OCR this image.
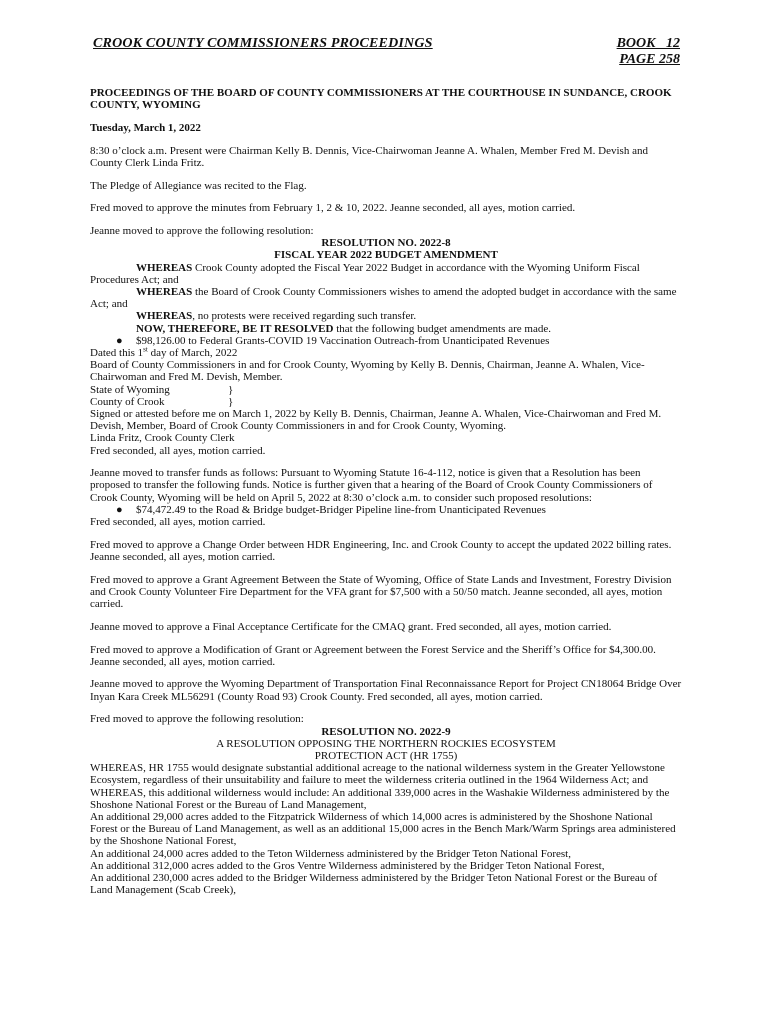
CROOK COUNTY COMMISSIONERS PROCEEDINGS	BOOK   12
PAGE 258

PROCEEDINGS OF THE BOARD OF COUNTY COMMISSIONERS AT THE COURTHOUSE IN SUNDANCE, CROOK COUNTY, WYOMING

Tuesday, March 1, 2022

8:30 o’clock a.m. Present were Chairman Kelly B. Dennis, Vice-Chairwoman Jeanne A. Whalen, Member Fred M. Devish and County Clerk Linda Fritz.

The Pledge of Allegiance was recited to the Flag.

Fred moved to approve the minutes from February 1, 2 & 10, 2022. Jeanne seconded, all ayes, motion carried.

Jeanne moved to approve the following resolution:
RESOLUTION NO. 2022-8
FISCAL YEAR 2022 BUDGET AMENDMENT
WHEREAS Crook County adopted the Fiscal Year 2022 Budget in accordance with the Wyoming Uniform Fiscal Procedures Act; and
WHEREAS the Board of Crook County Commissioners wishes to amend the adopted budget in accordance with the same Act; and
WHEREAS, no protests were received regarding such transfer.
NOW, THEREFORE, BE IT RESOLVED that the following budget amendments are made.
● $98,126.00 to Federal Grants-COVID 19 Vaccination Outreach-from Unanticipated Revenues
Dated this 1st day of March, 2022
Board of County Commissioners in and for Crook County, Wyoming by Kelly B. Dennis, Chairman, Jeanne A. Whalen, Vice-Chairwoman and Fred M. Devish, Member.
State of Wyoming	}
County of Crook	}
Signed or attested before me on March 1, 2022 by Kelly B. Dennis, Chairman, Jeanne A. Whalen, Vice-Chairwoman and Fred M. Devish, Member, Board of Crook County Commissioners in and for Crook County, Wyoming.
Linda Fritz, Crook County Clerk
Fred seconded, all ayes, motion carried.
Jeanne moved to transfer funds as follows: Pursuant to Wyoming Statute 16-4-112, notice is given that a Resolution has been proposed to transfer the following funds. Notice is further given that a hearing of the Board of Crook County Commissioners of Crook County, Wyoming will be held on April 5, 2022 at 8:30 o’clock a.m. to consider such proposed resolutions:
● $74,472.49 to the Road & Bridge budget-Bridger Pipeline line-from Unanticipated Revenues
Fred seconded, all ayes, motion carried.

Fred moved to approve a Change Order between HDR Engineering, Inc. and Crook County to accept the updated 2022 billing rates. Jeanne seconded, all ayes, motion carried.

Fred moved to approve a Grant Agreement Between the State of Wyoming, Office of State Lands and Investment, Forestry Division and Crook County Volunteer Fire Department for the VFA grant for $7,500 with a 50/50 match. Jeanne seconded, all ayes, motion carried.

Jeanne moved to approve a Final Acceptance Certificate for the CMAQ grant. Fred seconded, all ayes, motion carried.

Fred moved to approve a Modification of Grant or Agreement between the Forest Service and the Sheriff’s Office for $4,300.00. Jeanne seconded, all ayes, motion carried.

Jeanne moved to approve the Wyoming Department of Transportation Final Reconnaissance Report for Project CN18064 Bridge Over Inyan Kara Creek ML56291 (County Road 93) Crook County. Fred seconded, all ayes, motion carried.

Fred moved to approve the following resolution:
RESOLUTION NO. 2022-9
A RESOLUTION OPPOSING THE NORTHERN ROCKIES ECOSYSTEM
PROTECTION ACT (HR 1755)
WHEREAS, HR 1755 would designate substantial additional acreage to the national wilderness system in the Greater Yellowstone Ecosystem, regardless of their unsuitability and failure to meet the wilderness criteria outlined in the 1964 Wilderness Act; and
WHEREAS, this additional wilderness would include: An additional 339,000 acres in the Washakie Wilderness administered by the Shoshone National Forest or the Bureau of Land Management,
An additional 29,000 acres added to the Fitzpatrick Wilderness of which 14,000 acres is administered by the Shoshone National Forest or the Bureau of Land Management, as well as an additional 15,000 acres in the Bench Mark/Warm Springs area administered by the Shoshone National Forest,
An additional 24,000 acres added to the Teton Wilderness administered by the Bridger Teton National Forest,
An additional 312,000 acres added to the Gros Ventre Wilderness administered by the Bridger Teton National Forest,
An additional 230,000 acres added to the Bridger Wilderness administered by the Bridger Teton National Forest or the Bureau of Land Management (Scab Creek),
